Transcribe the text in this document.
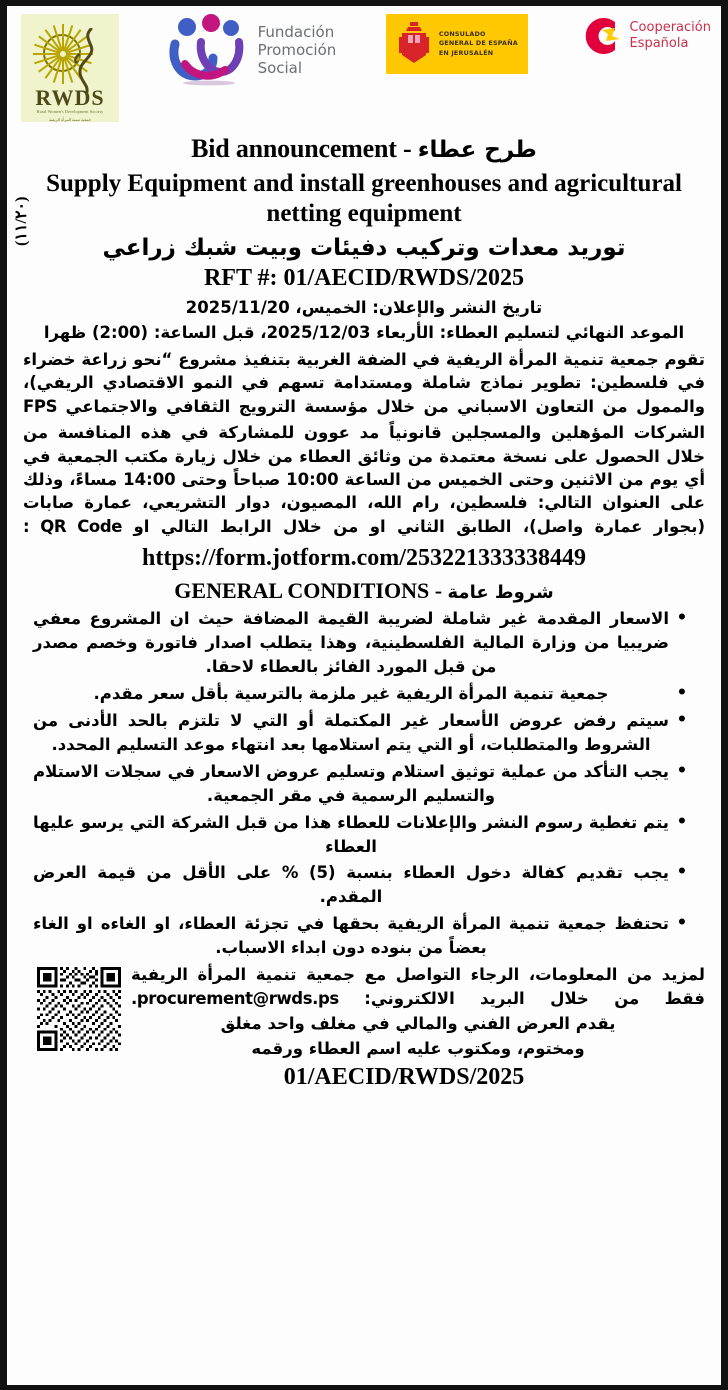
RWDS
Rural Women's Development Society
جمعية تنمية المرأة الريفية
Fundación
Promoción
Social
CONSULADO
GENERAL DE ESPAÑA
EN JERUSALÉN
Cooperación
Española
(١١/٢٠)
Bid announcement - طرح عطاء
Supply Equipment and install greenhouses and agricultural netting equipment
توريد معدات وتركيب دفيئات وبيت شبك زراعي
RFT #: 01/AECID/RWDS/2025
تاريخ النشر والإعلان: الخميس، 2025/11/20
الموعد النهائي لتسليم العطاء: الأربعاء 2025/12/03، قبل الساعة: (2:00) ظهرا
تقوم جمعية تنمية المرأة الريفية في الضفة الغربية بتنفيذ مشروع “نحو زراعة خضراء في فلسطين: تطوير نماذج شاملة ومستدامة تسهم في النمو الاقتصادي الريفي)، والممول من التعاون الاسباني من خلال مؤسسة الترويج الثقافي والاجتماعي FPS
الشركات المؤهلين والمسجلين قانونياً مد عوون للمشاركة في هذه المنافسة من خلال الحصول على نسخة معتمدة من وثائق العطاء من خلال زيارة مكتب الجمعية في أي يوم من الاثنين وحتى الخميس من الساعة 10:00 صباحاً وحتى 14:00 مساءً، وذلك على العنوان التالي: فلسطين، رام الله، المصيون، دوار التشريعي، عمارة صابات (بجوار عمارة واصل)، الطابق الثاني او من خلال الرابط التالي او QR Code :
https://form.jotform.com/253221333338449
GENERAL CONDITIONS - شروط عامة
• الاسعار المقدمة غير شاملة لضريبة القيمة المضافة حيث ان المشروع معفي ضريبيا من وزارة المالية الفلسطينية، وهذا يتطلب اصدار فاتورة وخصم مصدر من قبل المورد الفائز بالعطاء لاحقا.
• جمعية تنمية المرأة الريفية غير ملزمة بالترسية بأقل سعر مقدم.
• سيتم رفض عروض الأسعار غير المكتملة أو التي لا تلتزم بالحد الأدنى من الشروط والمتطلبات، أو التي يتم استلامها بعد انتهاء موعد التسليم المحدد.
• يجب التأكد من عملية توثيق استلام وتسليم عروض الاسعار في سجلات الاستلام والتسليم الرسمية في مقر الجمعية.
• يتم تغطية رسوم النشر والإعلانات للعطاء هذا من قبل الشركة التي يرسو عليها العطاء
• يجب تقديم كفالة دخول العطاء بنسبة (5) % على الأقل من قيمة العرض المقدم.
• تحتفظ جمعية تنمية المرأة الريفية بحقها في تجزئة العطاء، او الغاءه او الغاء بعضاً من بنوده دون ابداء الاسباب.
لمزيد من المعلومات، الرجاء التواصل مع جمعية تنمية المرأة الريفية فقط من خلال البريد الالكتروني: procurement@rwds.ps.
يقدم العرض الفني والمالي في مغلف واحد مغلق
ومختوم، ومكتوب عليه اسم العطاء ورقمه
01/AECID/RWDS/2025
